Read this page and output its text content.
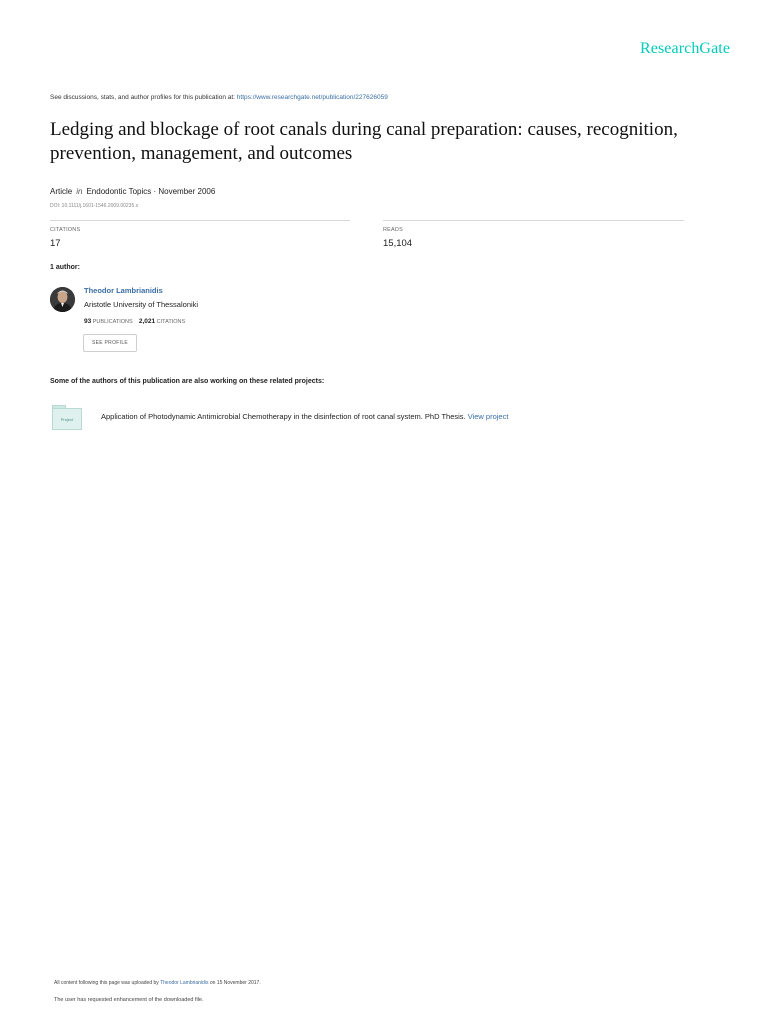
ResearchGate
See discussions, stats, and author profiles for this publication at: https://www.researchgate.net/publication/227626059
Ledging and blockage of root canals during canal preparation: causes, recognition, prevention, management, and outcomes
Article in Endodontic Topics · November 2006
DOI: 10.1111/j.1601-1546.2009.00235.x
CITATIONS
17
READS
15,104
1 author:
Theodor Lambrianidis
Aristotle University of Thessaloniki
93 PUBLICATIONS 2,021 CITATIONS
SEE PROFILE
Some of the authors of this publication are also working on these related projects:
Project	Application of Photodynamic Antimicrobial Chemotherapy in the disinfection of root canal system. PhD Thesis. View project
All content following this page was uploaded by Theodor Lambrianidis on 15 November 2017.
The user has requested enhancement of the downloaded file.
